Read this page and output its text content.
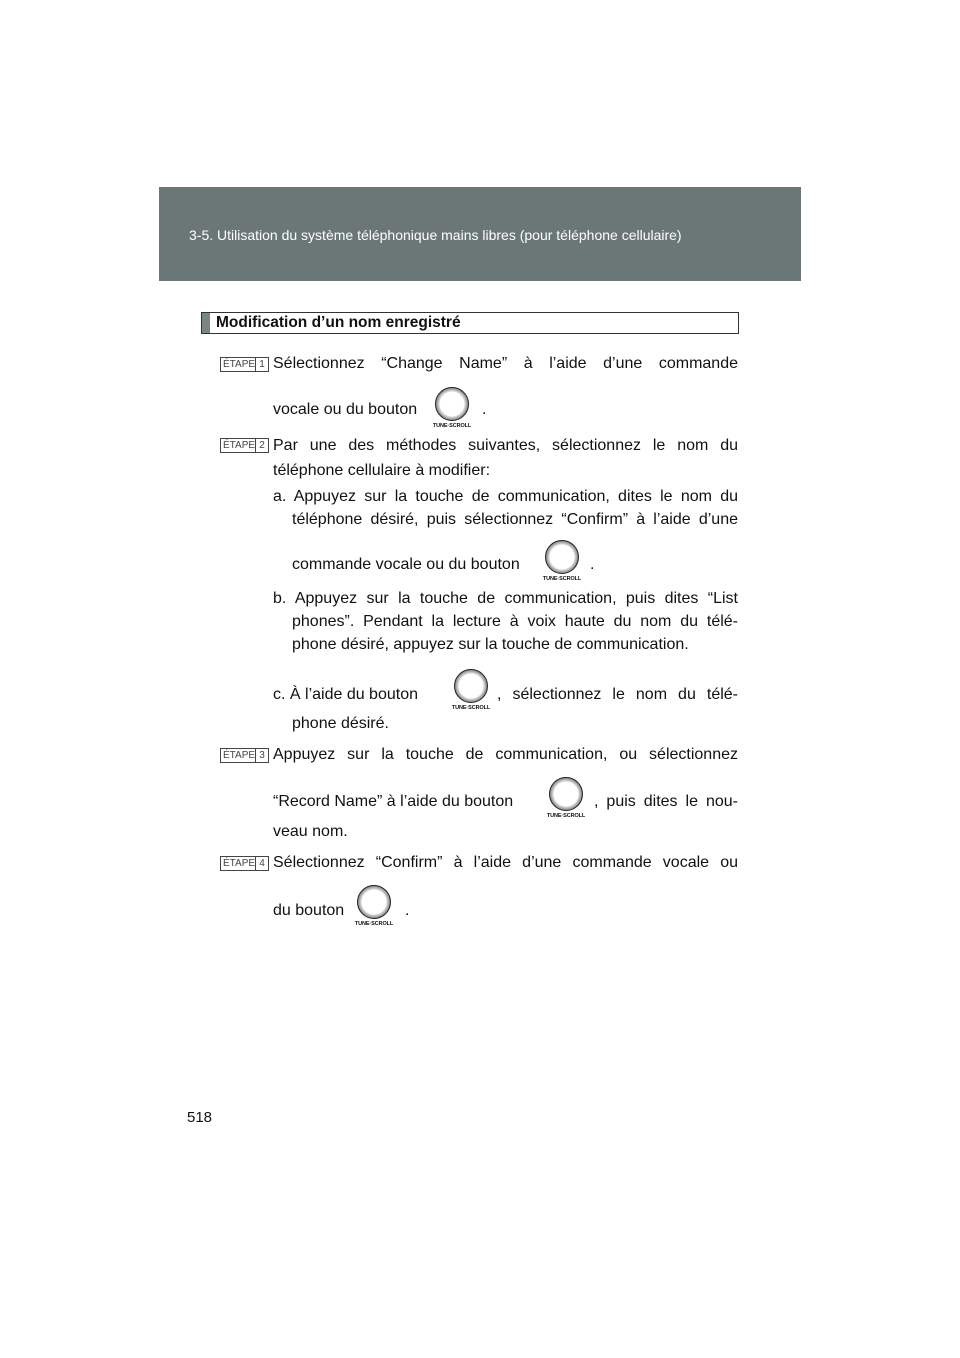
3-5. Utilisation du système téléphonique mains libres (pour téléphone cellulaire)
Modification d’un nom enregistré
ÉTAPE 1 Sélectionnez “Change Name” à l’aide d’une commande
vocale ou du bouton
TUNE·SCROLL
.
ÉTAPE 2 Par une des méthodes suivantes, sélectionnez le nom du
téléphone cellulaire à modifier:
a. Appuyez sur la touche de communication, dites le nom du
téléphone désiré, puis sélectionnez “Confirm” à l’aide d’une
commande vocale ou du bouton
TUNE·SCROLL
.
b. Appuyez sur la touche de communication, puis dites “List
phones”. Pendant la lecture à voix haute du nom du télé-
phone désiré, appuyez sur la touche de communication.
c. À l’aide du bouton
TUNE·SCROLL
, sélectionnez le nom du télé-
phone désiré.
ÉTAPE 3 Appuyez sur la touche de communication, ou sélectionnez
“Record Name” à l’aide du bouton
TUNE·SCROLL
, puis dites le nou-
veau nom.
ÉTAPE 4 Sélectionnez “Confirm” à l’aide d’une commande vocale ou
du bouton
TUNE·SCROLL
.
518
